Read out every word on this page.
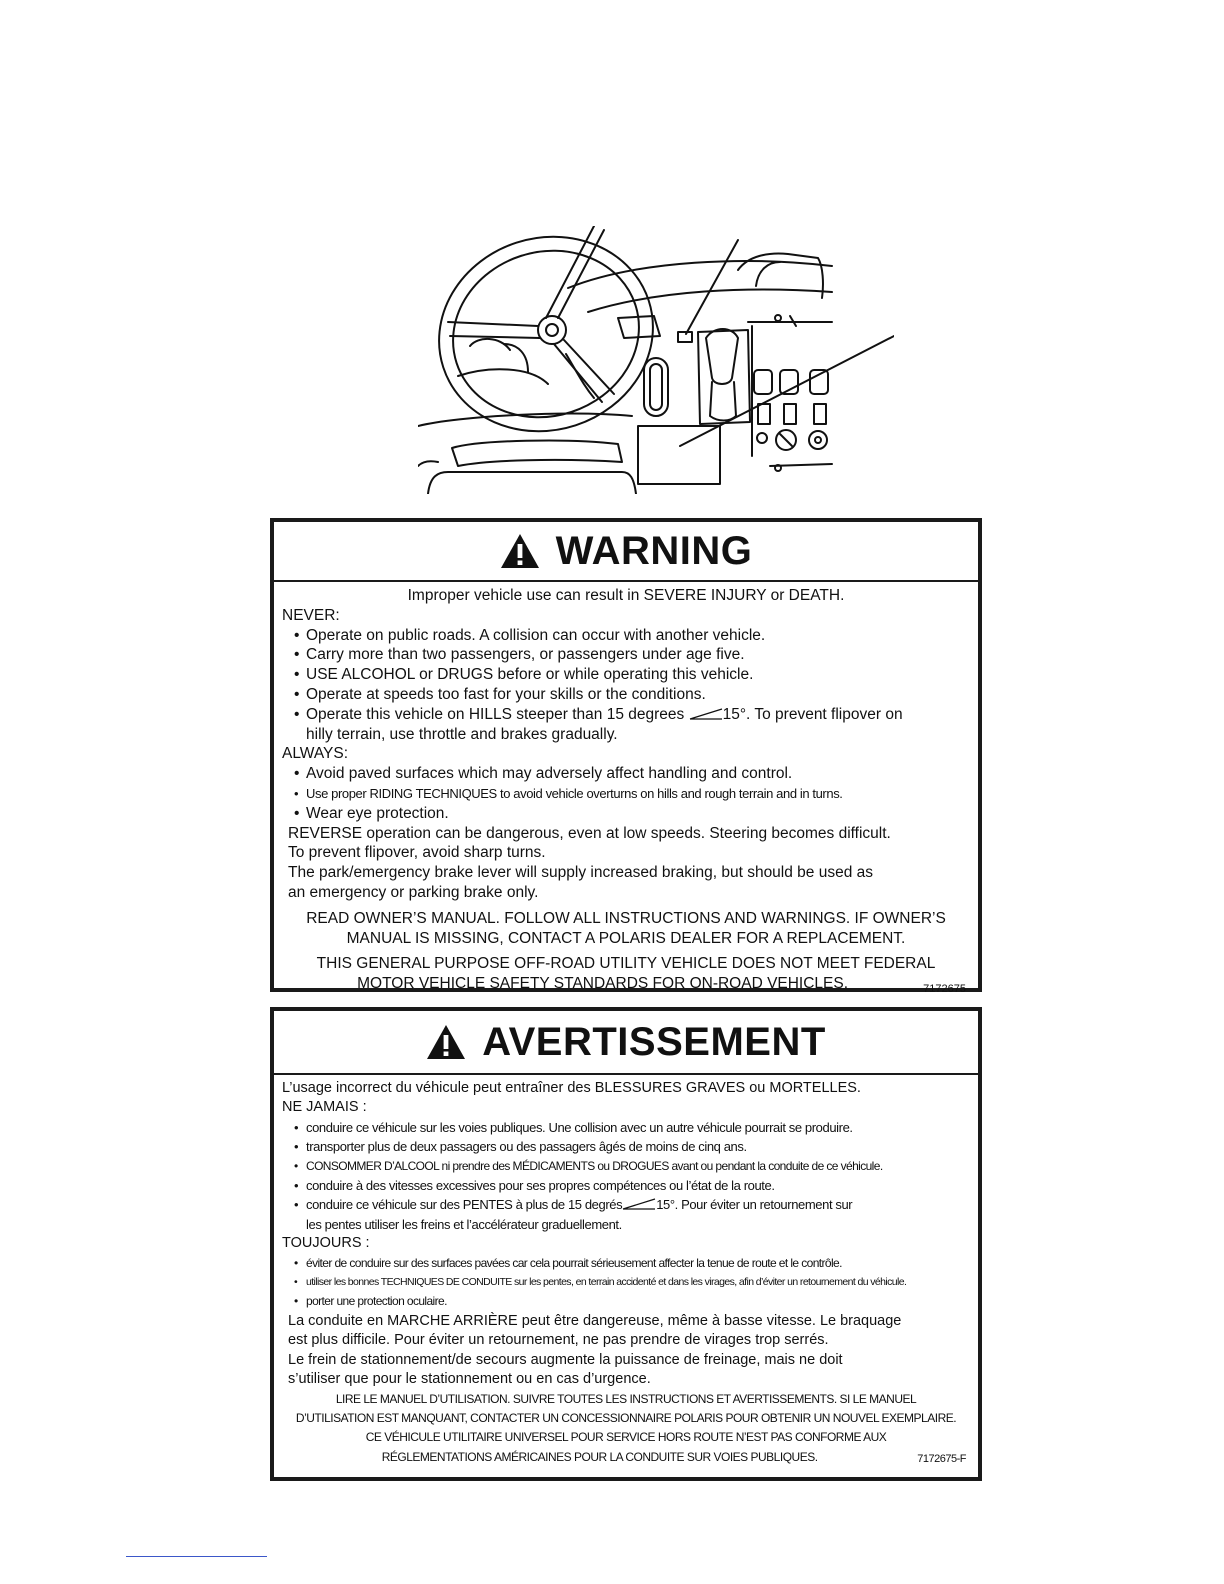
WARNING
Improper vehicle use can result in SEVERE INJURY or DEATH.
NEVER:
• Operate on public roads. A collision can occur with another vehicle.
• Carry more than two passengers, or passengers under age five.
• USE ALCOHOL or DRUGS before or while operating this vehicle.
• Operate at speeds too fast for your skills or the conditions.
• Operate this vehicle on HILLS steeper than 15 degrees 15°. To prevent flipover on
hilly terrain, use throttle and brakes gradually.
ALWAYS:
• Avoid paved surfaces which may adversely affect handling and control.
• Use proper RIDING TECHNIQUES to avoid vehicle overturns on hills and rough terrain and in turns.
• Wear eye protection.
REVERSE operation can be dangerous, even at low speeds. Steering becomes difficult.
To prevent flipover, avoid sharp turns.
The park/emergency brake lever will supply increased braking, but should be used as
an emergency or parking brake only.
READ OWNER’S MANUAL. FOLLOW ALL INSTRUCTIONS AND WARNINGS. IF OWNER’S
MANUAL IS MISSING, CONTACT A POLARIS DEALER FOR A REPLACEMENT.
THIS GENERAL PURPOSE OFF-ROAD UTILITY VEHICLE DOES NOT MEET FEDERAL
MOTOR VEHICLE SAFETY STANDARDS FOR ON-ROAD VEHICLES.	7172675
AVERTISSEMENT
L’usage incorrect du véhicule peut entraîner des BLESSURES GRAVES ou MORTELLES.
NE JAMAIS :
• conduire ce véhicule sur les voies publiques. Une collision avec un autre véhicule pourrait se produire.
• transporter plus de deux passagers ou des passagers âgés de moins de cinq ans.
• CONSOMMER D’ALCOOL ni prendre des MÉDICAMENTS ou DROGUES avant ou pendant la conduite de ce véhicule.
• conduire à des vitesses excessives pour ses propres compétences ou l’état de la route.
• conduire ce véhicule sur des PENTES à plus de 15 degrés	15°. Pour éviter un retournement sur
les pentes utiliser les freins et l’accélérateur graduellement.
TOUJOURS :
• éviter de conduire sur des surfaces pavées car cela pourrait sérieusement affecter la tenue de route et le contrôle.
• utiliser les bonnes TECHNIQUES DE CONDUITE sur les pentes, en terrain accidenté et dans les virages, afin d’éviter un retournement du véhicule.
• porter une protection oculaire.
La conduite en MARCHE ARRIÈRE peut être dangereuse, même à basse vitesse. Le braquage
est plus difficile. Pour éviter un retournement, ne pas prendre de virages trop serrés.
Le frein de stationnement/de secours augmente la puissance de freinage, mais ne doit
s’utiliser que pour le stationnement ou en cas d’urgence.
LIRE LE MANUEL D’UTILISATION. SUIVRE TOUTES LES INSTRUCTIONS ET AVERTISSEMENTS. SI LE MANUEL
D’UTILISATION EST MANQUANT, CONTACTER UN CONCESSIONNAIRE POLARIS POUR OBTENIR UN NOUVEL EXEMPLAIRE.
CE VÉHICULE UTILITAIRE UNIVERSEL POUR SERVICE HORS ROUTE N’EST PAS CONFORME AUX
RÉGLEMENTATIONS AMÉRICAINES POUR LA CONDUITE SUR VOIES PUBLIQUES.	7172675-F
